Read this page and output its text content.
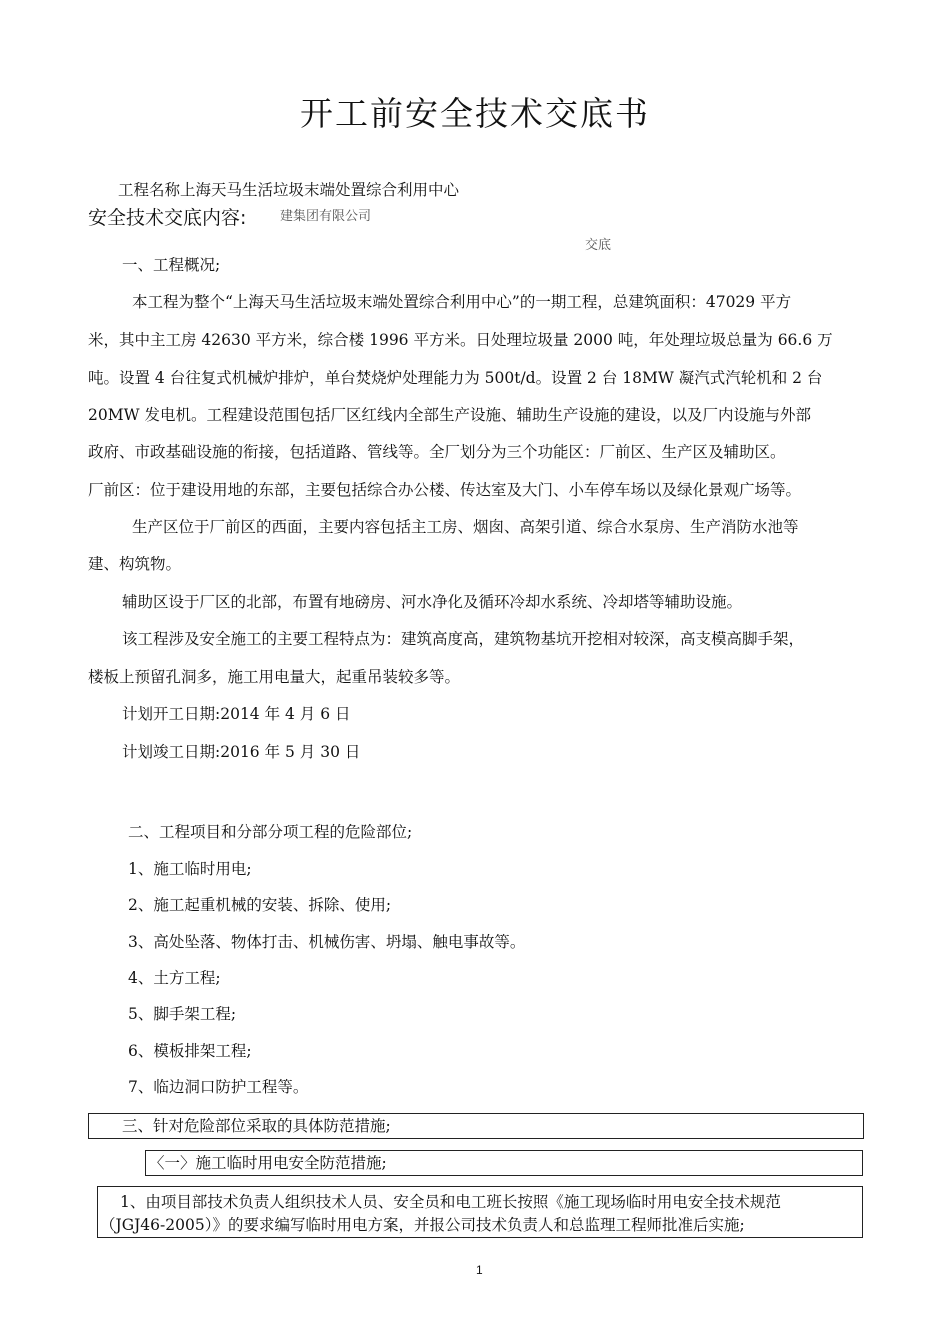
开工前安全技术交底书
工程名称上海天马生活垃圾末端处置综合利用中心
建集团有限公司
安全技术交底内容:
交底
一、工程概况;
本工程为整个“上海天马生活垃圾末端处置综合利用中心”的一期工程，总建筑面积：47029 平方
米，其中主工房 42630 平方米，综合楼 1996 平方米。日处理垃圾量 2000 吨，年处理垃圾总量为 66.6 万
吨。设置 4 台往复式机械炉排炉，单台焚烧炉处理能力为 500t/d。设置 2 台 18MW 凝汽式汽轮机和 2 台
20MW 发电机。工程建设范围包括厂区红线内全部生产设施、辅助生产设施的建设，以及厂内设施与外部
政府、市政基础设施的衔接，包括道路、管线等。全厂划分为三个功能区：厂前区、生产区及辅助区。
厂前区：位于建设用地的东部，主要包括综合办公楼、传达室及大门、小车停车场以及绿化景观广场等。
生产区位于厂前区的西面，主要内容包括主工房、烟囱、高架引道、综合水泵房、生产消防水池等
建、构筑物。
辅助区设于厂区的北部，布置有地磅房、河水净化及循环冷却水系统、冷却塔等辅助设施。
该工程涉及安全施工的主要工程特点为：建筑高度高，建筑物基坑开挖相对较深，高支模高脚手架，
楼板上预留孔洞多，施工用电量大，起重吊装较多等。
计划开工日期:2014 年 4 月 6 日
计划竣工日期:2016 年 5 月 30 日
二、工程项目和分部分项工程的危险部位;
1、施工临时用电;
2、施工起重机械的安装、拆除、使用;
3、高处坠落、物体打击、机械伤害、坍塌、触电事故等。
4、土方工程;
5、脚手架工程;
6、模板排架工程;
7、临边洞口防护工程等。
三、针对危险部位采取的具体防范措施;
〈一〉施工临时用电安全防范措施;
1、由项目部技术负责人组织技术人员、安全员和电工班长按照《施工现场临时用电安全技术规范
（JGJ46-2005）》的要求编写临时用电方案，并报公司技术负责人和总监理工程师批准后实施;
1
